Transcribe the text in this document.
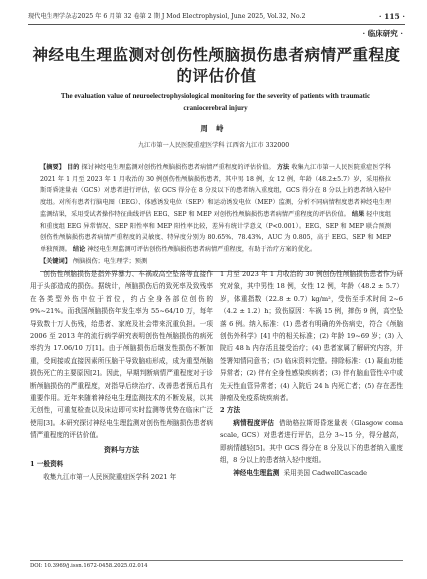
现代电生理学杂志2025 年 6 月第 32 卷第 2 期 J Mod Electrophysiol, June 2025, Vol.32, No.2	· 115 ·
· 临床研究 ·
神经电生理监测对创伤性颅脑损伤患者病情严重程度的评估价值
The evaluation value of neuroelectrophysiological monitoring for the severity of patients with traumatic craniocerebral injury
周 峙
九江市第一人民医院重症医学科 江西省九江市 332000
【摘要】 目的 探讨神经电生理监测对创伤性颅脑损伤患者病情严重程度的评估价值。 方法 收集九江市第一人民医院重症医学科 2021 年 1 月至 2023 年 1 月收治的 30 例创伤性颅脑损伤患者，其中男 18 例，女 12 例，年龄（48.2±5.7）岁，采用格拉斯哥昏迷量表（GCS）对患者进行评估，依 GCS 得分在 8 分及以下的患者纳入重度组，GCS 得分在 8 分以上的患者纳入轻中度组。对所有患者行脑电图（EEG）、体感诱发电位（SEP）和运动诱发电位（MEP）监测，分析不同病情程度患者神经电生理监测结果，采用受试者操作特征曲线评估 EEG、SEP 和 MEP 对创伤性颅脑损伤患者病情严重程度的评估价值。 结果 轻中度组和重度组 EEG 异常情况、SEP 阳性率和 MEP 阳性率比较，差异有统计学意义（P<0.001）。EEG、SEP 和 MEP 联合预测创伤性颅脑损伤患者病情严重程度的灵敏度、特异度分别为 80.65%、78.43%，AUC 为 0.805，高于 EEG、SEP 和 MEP 单独预测。 结论 神经电生理监测可评估创伤性颅脑损伤患者病情严重程度，有助于治疗方案的优化。
【关键词】 颅脑损伤；电生理学；预测

创伤性颅脑损伤是指外界暴力、车祸或高空坠落等直接作用于头部造成的损伤。据统计，颅脑损伤后的致死率及致残率在各类型外伤中位于首位，约占全身各部位创伤的 9%~21%。而我国颅脑损伤年发生率为 55~64/10 万，每年导致数十万人伤残，给患者、家庭及社会带来沉重负担。一项 2006 至 2013 年的流行病学研究表明创伤性颅脑损伤的病死率约为 17.06/10 万[1]。由于颅脑损伤后继发性损伤不断加重，受间接或直接因素所压脑干导致脑疝形成，成为重型颅脑损伤死亡的主要原因[2]。因此，早期判断病情严重程度对于诊断颅脑损伤的严重程度，对指导后续治疗、改善患者预后具有重要作用。近年来随着神经电生理监测技术的不断发展，以其无创性，可重复检查以及床边即可实时监测等优势在临床广泛使用[3]。本研究探讨神经电生理监测对创伤性颅脑损伤患者病情严重程度的评估价值。

资料与方法

1 一般资料

收集九江市第一人民医院重症医学科 2021 年

1 月至 2023 年 1 月收治的 30 例创伤性颅脑损伤患者作为研究对象，其中男性 18 例，女性 12 例，年龄（48.2 ± 5.7）岁，体重指数（22.8 ± 0.7）kg/m²，受伤至手术时间 2~6（4.2 ± 1.2）h；致伤原因：车祸 15 例，摔伤 9 例，高空坠落 6 例。纳入标准：(1) 患者有明确的外伤病史，符合《颅脑创伤外科学》[4] 中的相关标准；(2) 年龄 19~69 岁；(3) 入院后 48 h 内存活且接受治疗；(4) 患者家属了解研究内容，并签署知情同意书；(5) 临床资料完整。排除标准：(1) 凝血功能异常者；(2) 伴有全身性感染疾病者；(3) 伴有脑血管性卒中或先天性血管异常者；(4) 入院后 24 h 内死亡者；(5) 存在恶性肿瘤及免疫系统疾病者。

2 方法

病情程度评估 借助格拉斯哥昏迷量表（Glasgow coma scale, GCS）对患者进行评估，总分 3~15 分，得分越高，即病情越轻[5]。其中 GCS 得分在 8 分及以下的患者纳入重度组，8 分以上的患者纳入轻中度组。

神经电生理监测 采用美国 CadwellCascade

DOI: 10.3969/j.issn.1672-0458.2025.02.014
